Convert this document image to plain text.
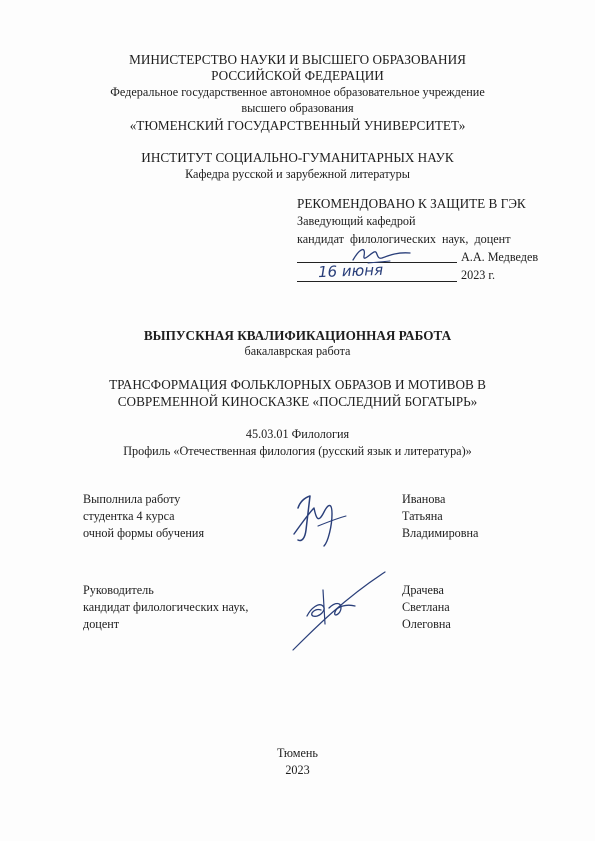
МИНИСТЕРСТВО НАУКИ И ВЫСШЕГО ОБРАЗОВАНИЯ
РОССИЙСКОЙ ФЕДЕРАЦИИ
Федеральное государственное автономное образовательное учреждение
высшего образования
«ТЮМЕНСКИЙ ГОСУДАРСТВЕННЫЙ УНИВЕРСИТЕТ»
ИНСТИТУТ СОЦИАЛЬНО-ГУМАНИТАРНЫХ НАУК
Кафедра русской и зарубежной литературы
РЕКОМЕНДОВАНО К ЗАЩИТЕ В ГЭК
Заведующий кафедрой
кандидат филологических наук, доцент
А.А. Медведев
16 июня	2023 г.
ВЫПУСКНАЯ КВАЛИФИКАЦИОННАЯ РАБОТА
бакалаврская работа
ТРАНСФОРМАЦИЯ ФОЛЬКЛОРНЫХ ОБРАЗОВ И МОТИВОВ В
СОВРЕМЕННОЙ КИНОСКАЗКЕ «ПОСЛЕДНИЙ БОГАТЫРЬ»
45.03.01 Филология
Профиль «Отечественная филология (русский язык и литература)»
Выполнила работу
студентка 4 курса
очной формы обучения
Иванова
Татьяна
Владимировна
Руководитель
кандидат филологических наук,
доцент
Драчева
Светлана
Олеговна
Тюмень
2023
